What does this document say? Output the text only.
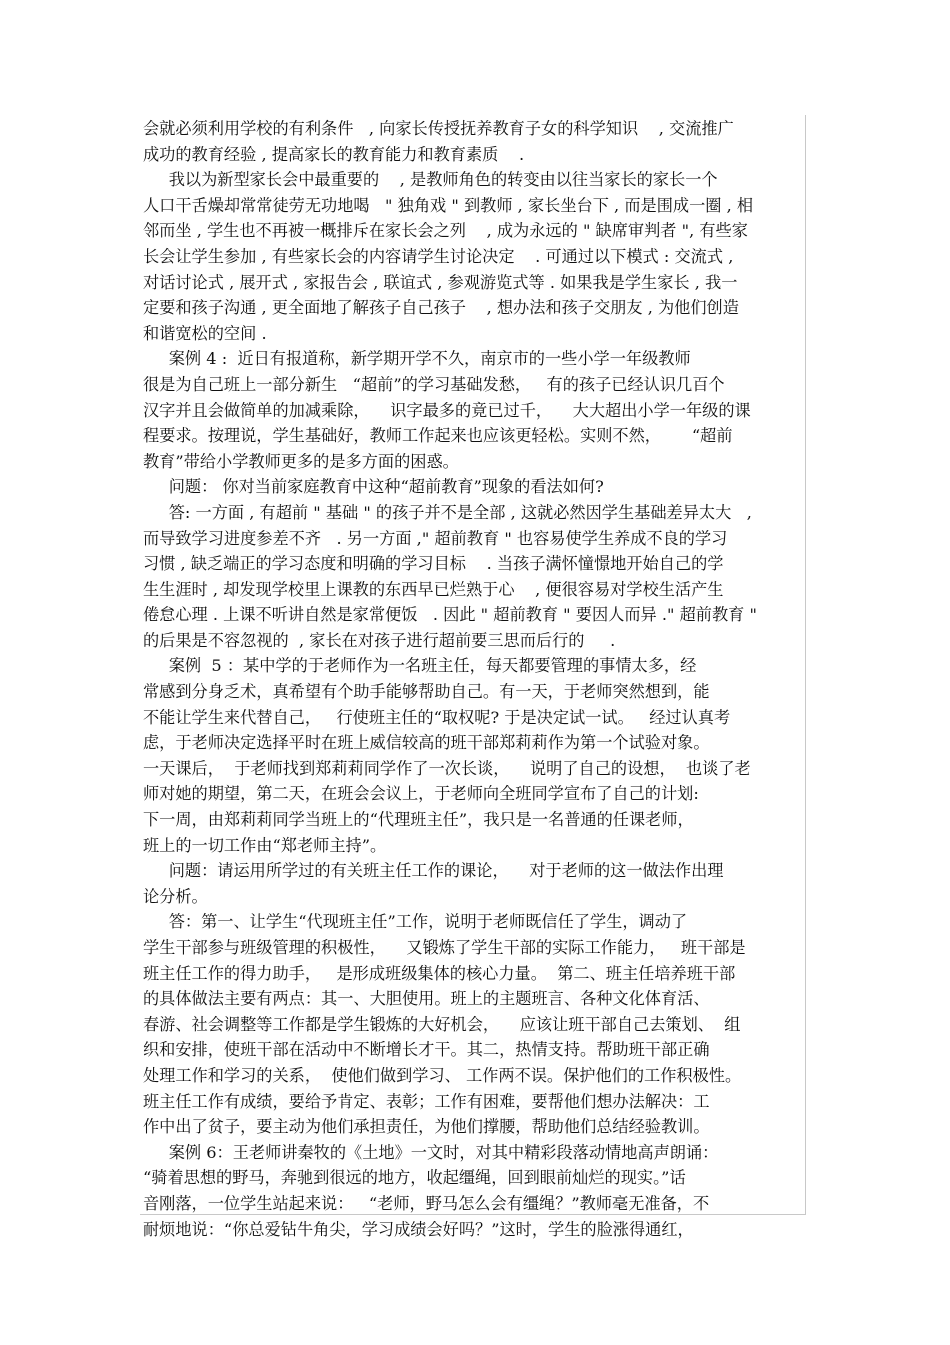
会就必须利用学校的有利条件   , 向家长传授抚养教育子女的科学知识    , 交流推广
成功的教育经验 , 提高家长的教育能力和教育素质    .
我以为新型家长会中最重要的    , 是教师角色的转变由以往当家长的家长一个
人口干舌燥却常常徒劳无功地喝   " 独角戏 " 到教师 , 家长坐台下 , 而是围成一圈 , 相
邻而坐 , 学生也不再被一概排斥在家长会之列    , 成为永远的 " 缺席审判者 ", 有些家
长会让学生参加 , 有些家长会的内容请学生讨论决定    . 可通过以下模式 : 交流式 ,
对话讨论式 , 展开式 , 家报告会 , 联谊式 , 参观游览式等 . 如果我是学生家长 , 我一
定要和孩子沟通 , 更全面地了解孩子自己孩子    , 想办法和孩子交朋友 , 为他们创造
和谐宽松的空间 .
案例 4 :  近日有报道称，新学期开学不久，南京市的一些小学一年级教师
很是为自己班上一部分新生   “超前”的学习基础发愁，   有的孩子已经认识几百个
汉字并且会做简单的加减乘除，    识字最多的竟已过千，    大大超出小学一年级的课
程要求。按理说，学生基础好，教师工作起来也应该更轻松。实则不然，      “超前
教育”带给小学教师更多的是多方面的困惑。
问题： 你对当前家庭教育中这种“超前教育”现象的看法如何?
答: 一方面 , 有超前 " 基础 " 的孩子并不是全部 , 这就必然因学生基础差异太大   ,
而导致学习进度参差不齐   . 另一方面 ," 超前教育 " 也容易使学生养成不良的学习
习惯 , 缺乏端正的学习态度和明确的学习目标    . 当孩子满怀憧憬地开始自己的学
生生涯时 , 却发现学校里上课教的东西早已烂熟于心    , 便很容易对学校生活产生
倦怠心理 . 上课不听讲自然是家常便饭   . 因此 " 超前教育 " 要因人而异 ." 超前教育 "
的后果是不容忽视的  , 家长在对孩子进行超前要三思而后行的     .
案例  5 ：某中学的于老师作为一名班主任，每天都要管理的事情太多，经
常感到分身乏术，真希望有个助手能够帮助自己。有一天，于老师突然想到，能
不能让学生来代替自己，   行使班主任的“取权呢? 于是决定试一试。   经过认真考
虑，于老师决定选择平时在班上威信较高的班干部郑莉莉作为第一个试验对象。
一天课后，  于老师找到郑莉莉同学作了一次长谈，    说明了自己的设想，  也谈了老
师对她的期望，第二天，在班会会议上，于老师向全班同学宣布了自己的计划:
下一周，由郑莉莉同学当班上的“代理班主任”，我只是一名普通的任课老师，
班上的一切工作由“郑老师主持”。
问题：请运用所学过的有关班主任工作的课论，    对于老师的这一做法作出理
论分析。
答：第一、让学生“代现班主任”工作，说明于老师既信任了学生，调动了
学生干部参与班级管理的积极性，    又锻炼了学生干部的实际工作能力，   班干部是
班主任工作的得力助手，   是形成班级集体的核心力量。  第二、班主任培养班干部
的具体做法主要有两点：其一、大胆使用。班上的主题班言、各种文化体育活、
春游、社会调整等工作都是学生锻炼的大好机会，    应该让班干部自己去策划、  组
织和安排，使班干部在活动中不断增长才干。其二，热情支持。帮助班干部正确
处理工作和学习的关系，  使他们做到学习、 工作两不误。保护他们的工作积极性。
班主任工作有成绩，要给予肯定、表彰；工作有困难，要帮他们想办法解决：工
作中出了贫子，要主动为他们承担责任，为他们撑腰，帮助他们总结经验教训。
案例 6：王老师讲秦牧的《土地》一文时，对其中精彩段落动情地高声朗诵：
“骑着思想的野马，奔驰到很远的地方，收起缰绳，回到眼前灿烂的现实。”话
音刚落，一位学生站起来说：   “老师，野马怎么会有缰绳？”教师毫无准备，不
耐烦地说：“你总爱钻牛角尖，学习成绩会好吗？”这时，学生的脸涨得通红，
